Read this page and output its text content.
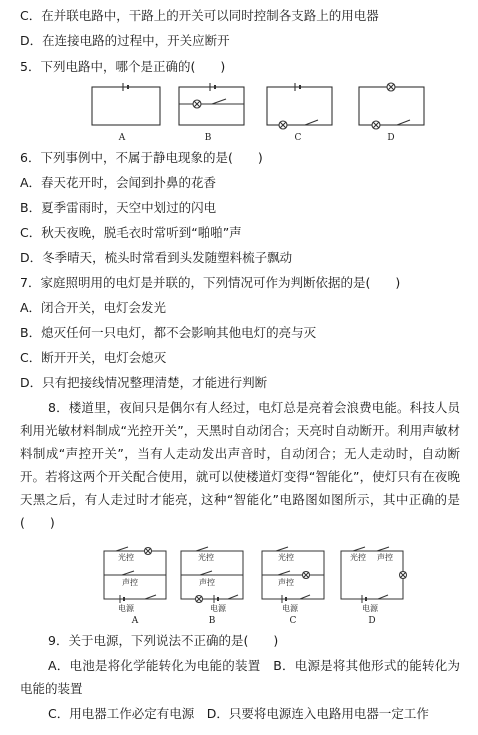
C．在并联电路中，干路上的开关可以同时控制各支路上的用电器
D．在连接电路的过程中，开关应断开
5．下列电路中，哪个是正确的(　　)
A	B	C	D
6．下列事例中，不属于静电现象的是(　　)
A．春天花开时，会闻到扑鼻的花香
B．夏季雷雨时，天空中划过的闪电
C．秋天夜晚，脱毛衣时常听到“啪啪”声
D．冬季晴天，梳头时常看到头发随塑料梳子飘动
7．家庭照明用的电灯是并联的，下列情况可作为判断依据的是(　　)
A．闭合开关，电灯会发光
B．熄灭任何一只电灯，都不会影响其他电灯的亮与灭
C．断开开关，电灯会熄灭
D．只有把接线情况整理清楚，才能进行判断
8．楼道里，夜间只是偶尔有人经过，电灯总是亮着会浪费电能。科技人员利用光敏材料制成“光控开关”，天黑时自动闭合；天亮时自动断开。利用声敏材料制成“声控开关”，当有人走动发出声音时，自动闭合；无人走动时，自动断开。若将这两个开关配合使用，就可以使楼道灯变得“智能化”，使灯只有在夜晚天黑之后，有人走过时才能亮，这种“智能化”电路图如图所示，其中正确的是(　　)
光控
声控
电源
光控
声控
电源
光控
声控
电源
光控 声控
电源
A	B	C	D
9．关于电源，下列说法不正确的是(　　)
A．电池是将化学能转化为电能的装置　B．电源是将其他形式的能转化为电能的装置
C．用电器工作必定有电源　D．只要将电源连入电路用电器一定工作
